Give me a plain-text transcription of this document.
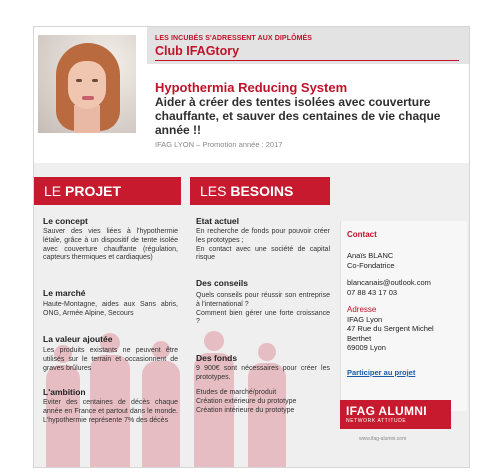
LES INCUBÉS S'ADRESSENT AUX DIPLÔMÉS
Club IFAGtory
Hypothermia Reducing System
Aider à créer des tentes isolées avec couverture chauffante, et sauver des centaines de vie chaque année !!
IFAG LYON – Promotion année : 2017
LE PROJET	LES BESOINS
Le concept
Sauver des vies liées à l'hypothermie létale, grâce à un dispositif de tente isolée avec couverture chauffante (régulation, capteurs thermiques et cardiaques)
Le marché
Haute-Montagne, aides aux Sans abris, ONG, Armée Alpine, Secours
La valeur ajoutée
Les produits existants ne peuvent être utilisés sur le terrain et occasionnent de graves brûlures
L'ambition
Eviter des centaines de décès chaque année en France et partout dans le monde. L'hypothermie représente 7% des décès
Etat actuel
En recherche de fonds pour pouvoir créer les prototypes ;
En contact avec une société de capital risque
Des conseils
Quels conseils pour réussir son entreprise à l'international ?
Comment bien gérer une forte croissance ?
Des fonds
9 900€ sont nécessaires pour créer les prototypes.
Etudes de marché/produit
Création extérieure du prototype
Création intérieure du prototype
Contact
Anaïs BLANC
Co-Fondatrice
blancanais@outlook.com
07 88 43 17 03
Adresse
IFAG Lyon
47 Rue du Sergent Michel Berthet
69009 Lyon
Participer au projet
IFAG ALUMNI
NETWORK ATTITUDE
www.ifag-alumni.com
